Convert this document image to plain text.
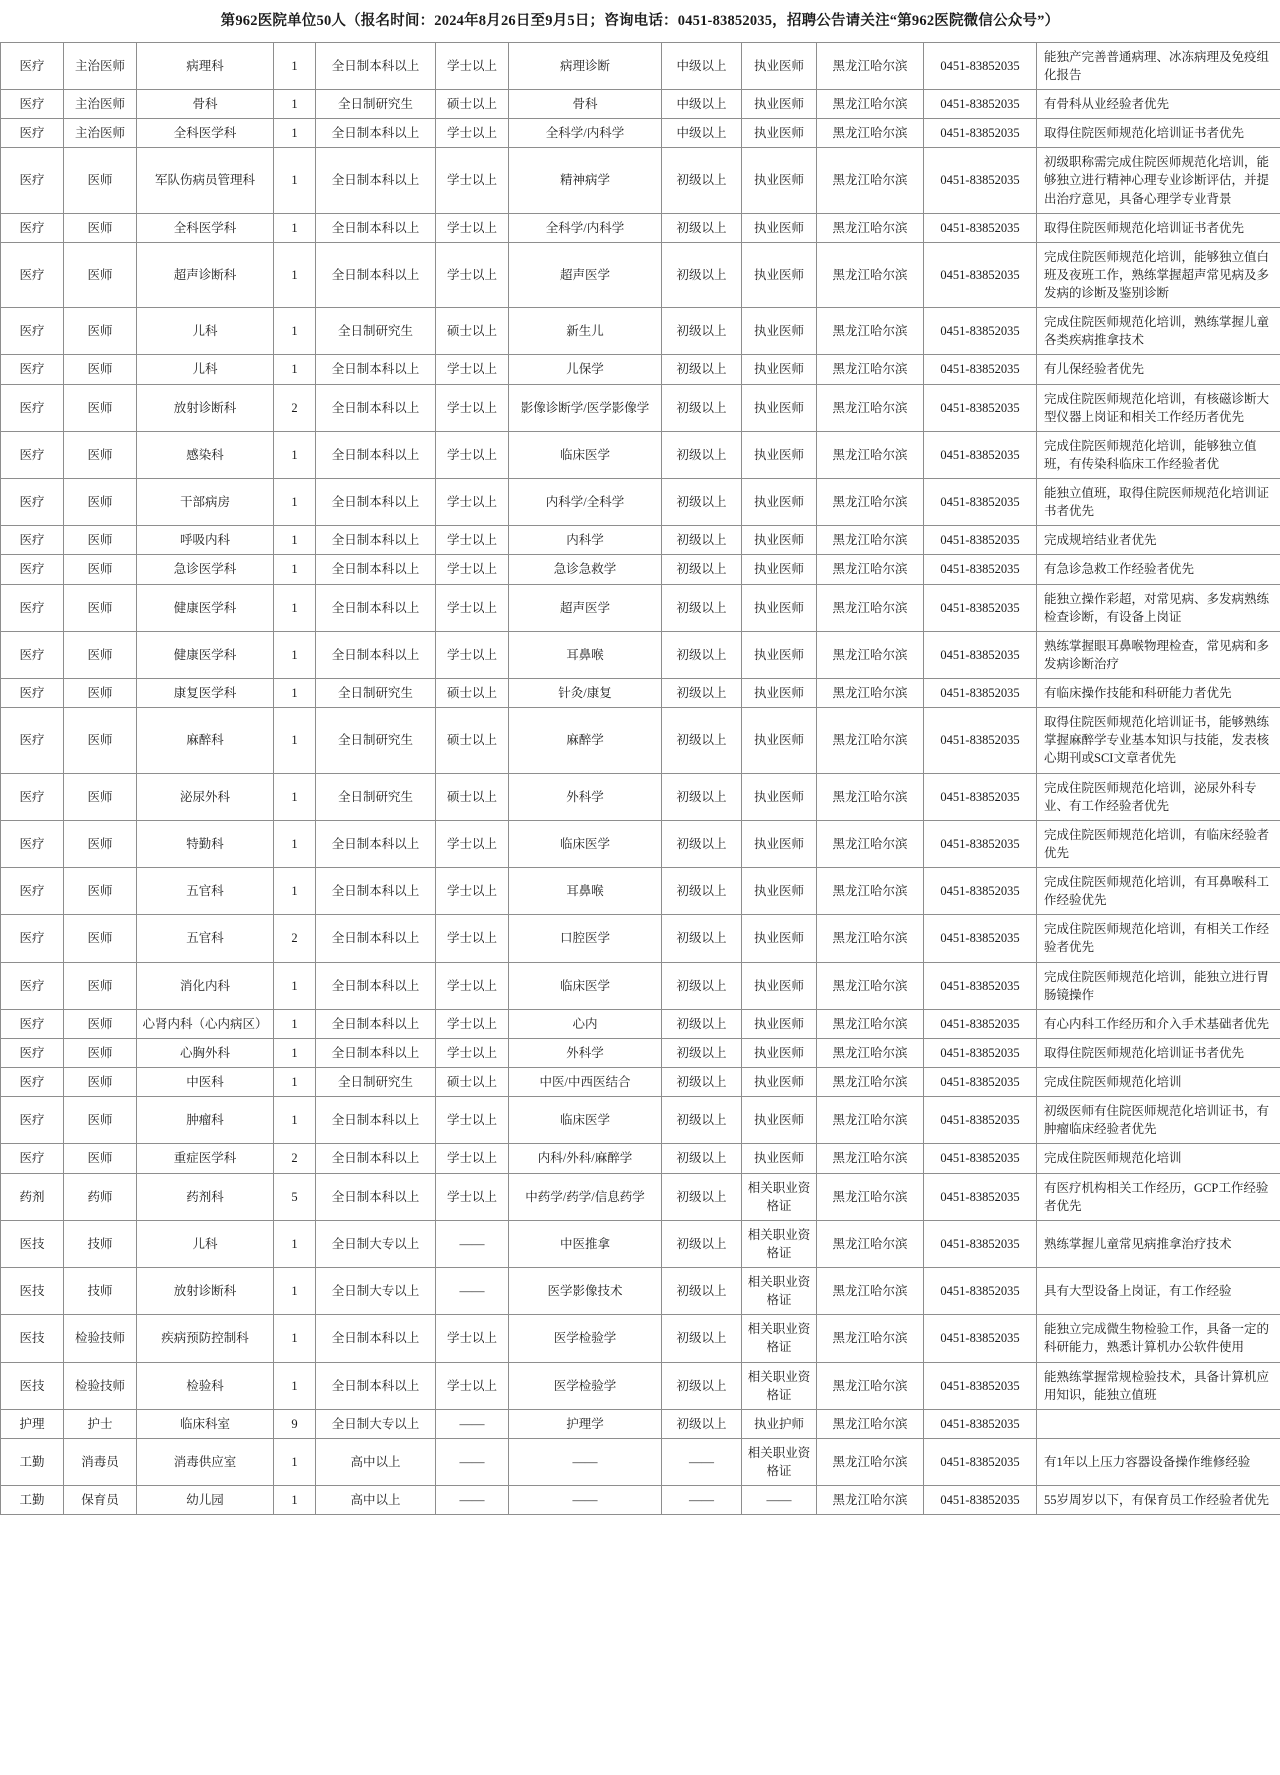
第962医院单位50人（报名时间：2024年8月26日至9月5日；咨询电话：0451-83852035，招聘公告请关注“第962医院微信公众号”）
医疗	主治医师	病理科	1	全日制本科以上	学士以上	病理诊断	中级以上	执业医师	黑龙江哈尔滨	0451-83852035	能独产完善普通病理、冰冻病理及免疫组化报告
医疗	主治医师	骨科	1	全日制研究生	硕士以上	骨科	中级以上	执业医师	黑龙江哈尔滨	0451-83852035	有骨科从业经验者优先
医疗	主治医师	全科医学科	1	全日制本科以上	学士以上	全科学/内科学	中级以上	执业医师	黑龙江哈尔滨	0451-83852035	取得住院医师规范化培训证书者优先
医疗	医师	军队伤病员管理科	1	全日制本科以上	学士以上	精神病学	初级以上	执业医师	黑龙江哈尔滨	0451-83852035	初级职称需完成住院医师规范化培训，能够独立进行精神心理专业诊断评估，并提出治疗意见，具备心理学专业背景
医疗	医师	全科医学科	1	全日制本科以上	学士以上	全科学/内科学	初级以上	执业医师	黑龙江哈尔滨	0451-83852035	取得住院医师规范化培训证书者优先
医疗	医师	超声诊断科	1	全日制本科以上	学士以上	超声医学	初级以上	执业医师	黑龙江哈尔滨	0451-83852035	完成住院医师规范化培训，能够独立值白班及夜班工作，熟练掌握超声常见病及多发病的诊断及鉴别诊断
医疗	医师	儿科	1	全日制研究生	硕士以上	新生儿	初级以上	执业医师	黑龙江哈尔滨	0451-83852035	完成住院医师规范化培训，熟练掌握儿童各类疾病推拿技术
医疗	医师	儿科	1	全日制本科以上	学士以上	儿保学	初级以上	执业医师	黑龙江哈尔滨	0451-83852035	有儿保经验者优先
医疗	医师	放射诊断科	2	全日制本科以上	学士以上	影像诊断学/医学影像学	初级以上	执业医师	黑龙江哈尔滨	0451-83852035	完成住院医师规范化培训，有核磁诊断大型仪器上岗证和相关工作经历者优先
医疗	医师	感染科	1	全日制本科以上	学士以上	临床医学	初级以上	执业医师	黑龙江哈尔滨	0451-83852035	完成住院医师规范化培训，能够独立值班，有传染科临床工作经验者优
医疗	医师	干部病房	1	全日制本科以上	学士以上	内科学/全科学	初级以上	执业医师	黑龙江哈尔滨	0451-83852035	能独立值班，取得住院医师规范化培训证书者优先
医疗	医师	呼吸内科	1	全日制本科以上	学士以上	内科学	初级以上	执业医师	黑龙江哈尔滨	0451-83852035	完成规培结业者优先
医疗	医师	急诊医学科	1	全日制本科以上	学士以上	急诊急救学	初级以上	执业医师	黑龙江哈尔滨	0451-83852035	有急诊急救工作经验者优先
医疗	医师	健康医学科	1	全日制本科以上	学士以上	超声医学	初级以上	执业医师	黑龙江哈尔滨	0451-83852035	能独立操作彩超，对常见病、多发病熟练检查诊断，有设备上岗证
医疗	医师	健康医学科	1	全日制本科以上	学士以上	耳鼻喉	初级以上	执业医师	黑龙江哈尔滨	0451-83852035	熟练掌握眼耳鼻喉物理检查，常见病和多发病诊断治疗
医疗	医师	康复医学科	1	全日制研究生	硕士以上	针灸/康复	初级以上	执业医师	黑龙江哈尔滨	0451-83852035	有临床操作技能和科研能力者优先
医疗	医师	麻醉科	1	全日制研究生	硕士以上	麻醉学	初级以上	执业医师	黑龙江哈尔滨	0451-83852035	取得住院医师规范化培训证书，能够熟练掌握麻醉学专业基本知识与技能，发表核心期刊或SCI文章者优先
医疗	医师	泌尿外科	1	全日制研究生	硕士以上	外科学	初级以上	执业医师	黑龙江哈尔滨	0451-83852035	完成住院医师规范化培训，泌尿外科专业、有工作经验者优先
医疗	医师	特勤科	1	全日制本科以上	学士以上	临床医学	初级以上	执业医师	黑龙江哈尔滨	0451-83852035	完成住院医师规范化培训，有临床经验者优先
医疗	医师	五官科	1	全日制本科以上	学士以上	耳鼻喉	初级以上	执业医师	黑龙江哈尔滨	0451-83852035	完成住院医师规范化培训，有耳鼻喉科工作经验优先
医疗	医师	五官科	2	全日制本科以上	学士以上	口腔医学	初级以上	执业医师	黑龙江哈尔滨	0451-83852035	完成住院医师规范化培训，有相关工作经验者优先
医疗	医师	消化内科	1	全日制本科以上	学士以上	临床医学	初级以上	执业医师	黑龙江哈尔滨	0451-83852035	完成住院医师规范化培训，能独立进行胃肠镜操作
医疗	医师	心肾内科（心内病区）	1	全日制本科以上	学士以上	心内	初级以上	执业医师	黑龙江哈尔滨	0451-83852035	有心内科工作经历和介入手术基础者优先
医疗	医师	心胸外科	1	全日制本科以上	学士以上	外科学	初级以上	执业医师	黑龙江哈尔滨	0451-83852035	取得住院医师规范化培训证书者优先
医疗	医师	中医科	1	全日制研究生	硕士以上	中医/中西医结合	初级以上	执业医师	黑龙江哈尔滨	0451-83852035	完成住院医师规范化培训
医疗	医师	肿瘤科	1	全日制本科以上	学士以上	临床医学	初级以上	执业医师	黑龙江哈尔滨	0451-83852035	初级医师有住院医师规范化培训证书，有肿瘤临床经验者优先
医疗	医师	重症医学科	2	全日制本科以上	学士以上	内科/外科/麻醉学	初级以上	执业医师	黑龙江哈尔滨	0451-83852035	完成住院医师规范化培训
药剂	药师	药剂科	5	全日制本科以上	学士以上	中药学/药学/信息药学	初级以上	相关职业资格证	黑龙江哈尔滨	0451-83852035	有医疗机构相关工作经历，GCP工作经验者优先
医技	技师	儿科	1	全日制大专以上	——	中医推拿	初级以上	相关职业资格证	黑龙江哈尔滨	0451-83852035	熟练掌握儿童常见病推拿治疗技术
医技	技师	放射诊断科	1	全日制大专以上	——	医学影像技术	初级以上	相关职业资格证	黑龙江哈尔滨	0451-83852035	具有大型设备上岗证，有工作经验
医技	检验技师	疾病预防控制科	1	全日制本科以上	学士以上	医学检验学	初级以上	相关职业资格证	黑龙江哈尔滨	0451-83852035	能独立完成微生物检验工作，具备一定的科研能力，熟悉计算机办公软件使用
医技	检验技师	检验科	1	全日制本科以上	学士以上	医学检验学	初级以上	相关职业资格证	黑龙江哈尔滨	0451-83852035	能熟练掌握常规检验技术，具备计算机应用知识，能独立值班
护理	护士	临床科室	9	全日制大专以上	——	护理学	初级以上	执业护师	黑龙江哈尔滨	0451-83852035	
工勤	消毒员	消毒供应室	1	高中以上	——	——	——	相关职业资格证	黑龙江哈尔滨	0451-83852035	有1年以上压力容器设备操作维修经验
工勤	保育员	幼儿园	1	高中以上	——	——	——	——	黑龙江哈尔滨	0451-83852035	55岁周岁以下，有保育员工作经验者优先
